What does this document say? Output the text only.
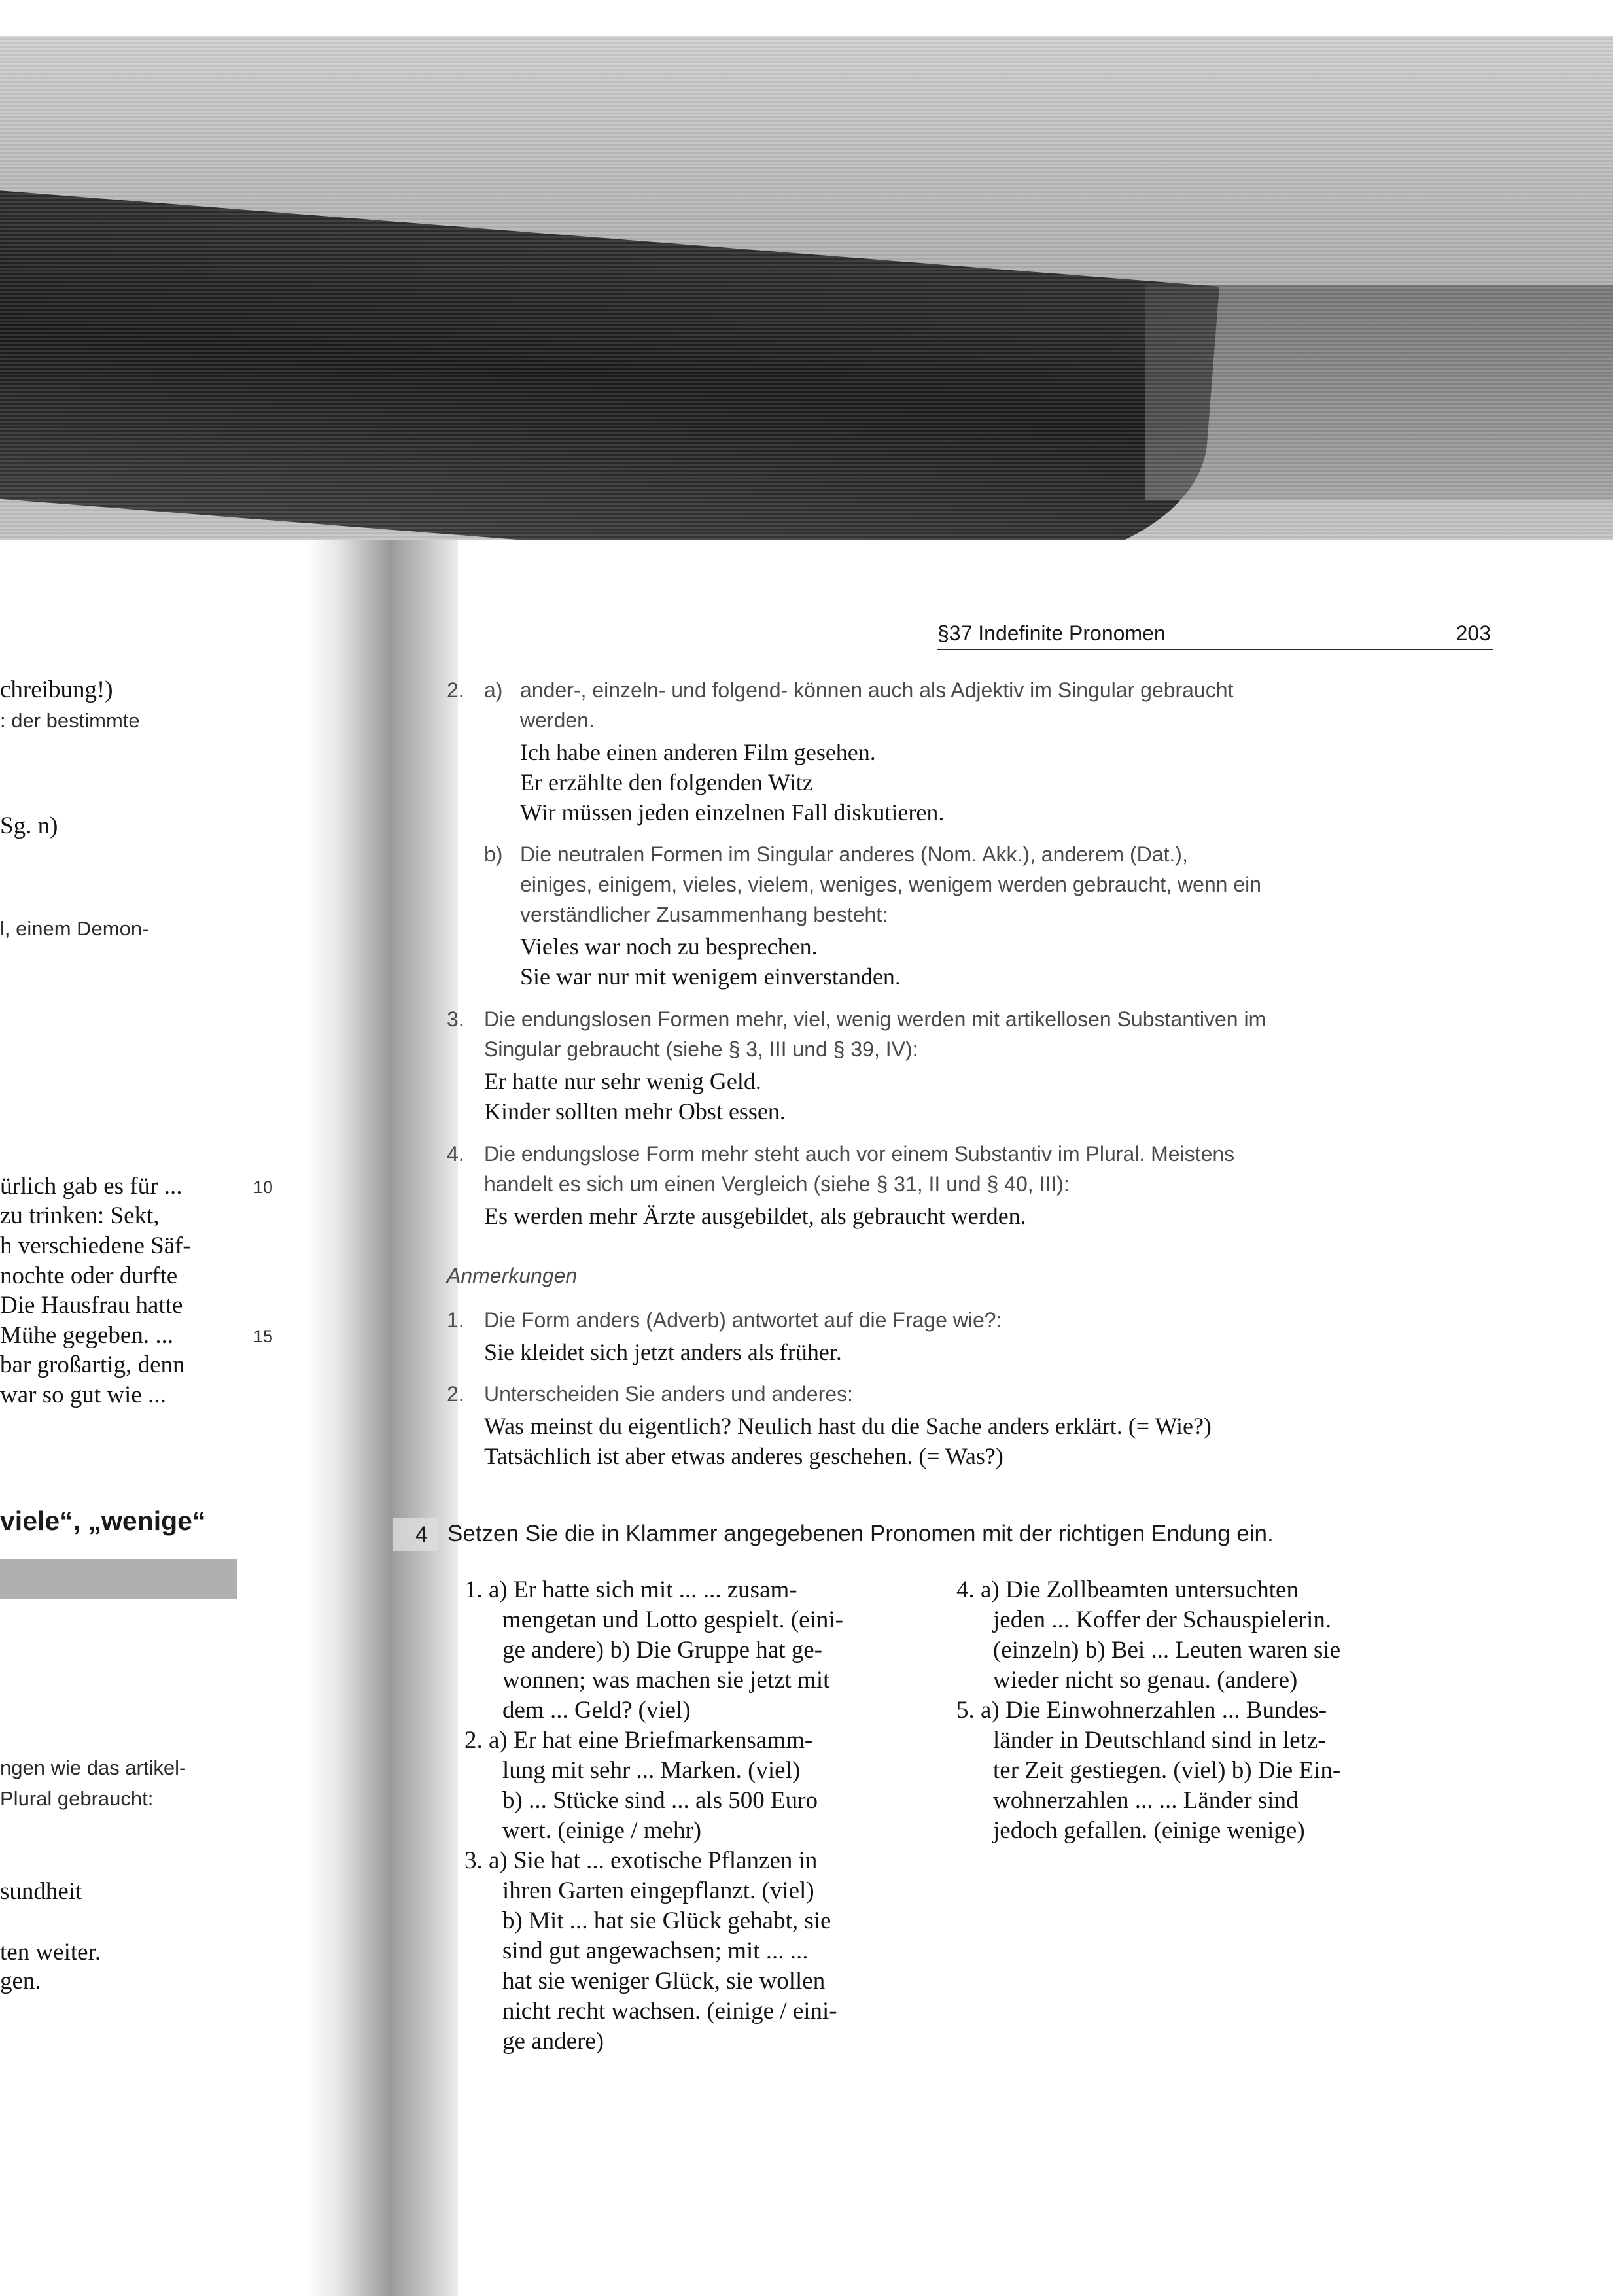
chreibung!)
: der bestimmte
Sg. n)
l, einem Demon-
ürlich gab es für ...
zu trinken: Sekt,
h verschiedene Säf-
nochte oder durfte
Die Hausfrau hatte
Mühe gegeben. ...
bar großartig, denn
war so gut wie ...
10
15
viele“, „wenige“
ngen wie das artikel-
Plural gebraucht:
sundheit
ten weiter.
gen.
§37 Indefinite Pronomen	203
2. a) ander-, einzeln- und folgend- können auch als Adjektiv im Singular gebraucht
werden.
Ich habe einen anderen Film gesehen.
Er erzählte den folgenden Witz
Wir müssen jeden einzelnen Fall diskutieren.
b) Die neutralen Formen im Singular anderes (Nom. Akk.), anderem (Dat.),
einiges, einigem, vieles, vielem, weniges, wenigem werden gebraucht, wenn ein
verständlicher Zusammenhang besteht:
Vieles war noch zu besprechen.
Sie war nur mit wenigem einverstanden.
3. Die endungslosen Formen mehr, viel, wenig werden mit artikellosen Substantiven im
Singular gebraucht (siehe § 3, III und § 39, IV):
Er hatte nur sehr wenig Geld.
Kinder sollten mehr Obst essen.
4. Die endungslose Form mehr steht auch vor einem Substantiv im Plural. Meistens
handelt es sich um einen Vergleich (siehe § 31, II und § 40, III):
Es werden mehr Ärzte ausgebildet, als gebraucht werden.
Anmerkungen
1. Die Form anders (Adverb) antwortet auf die Frage wie?:
Sie kleidet sich jetzt anders als früher.
2. Unterscheiden Sie anders und anderes:
Was meinst du eigentlich? Neulich hast du die Sache anders erklärt. (= Wie?)
Tatsächlich ist aber etwas anderes geschehen. (= Was?)
4 Setzen Sie die in Klammer angegebenen Pronomen mit der richtigen Endung ein.
1. a) Er hatte sich mit ... ... zusam-
mengetan und Lotto gespielt. (eini-
ge andere) b) Die Gruppe hat ge-
wonnen; was machen sie jetzt mit
dem ... Geld? (viel)
2. a) Er hat eine Briefmarkensamm-
lung mit sehr ... Marken. (viel)
b) ... Stücke sind ... als 500 Euro
wert. (einige / mehr)
3. a) Sie hat ... exotische Pflanzen in
ihren Garten eingepflanzt. (viel)
b) Mit ... hat sie Glück gehabt, sie
sind gut angewachsen; mit ... ...
hat sie weniger Glück, sie wollen
nicht recht wachsen. (einige / eini-
ge andere)
4. a) Die Zollbeamten untersuchten
jeden ... Koffer der Schauspielerin.
(einzeln) b) Bei ... Leuten waren sie
wieder nicht so genau. (andere)
5. a) Die Einwohnerzahlen ... Bundes-
länder in Deutschland sind in letz-
ter Zeit gestiegen. (viel) b) Die Ein-
wohnerzahlen ... ... Länder sind
jedoch gefallen. (einige wenige)
